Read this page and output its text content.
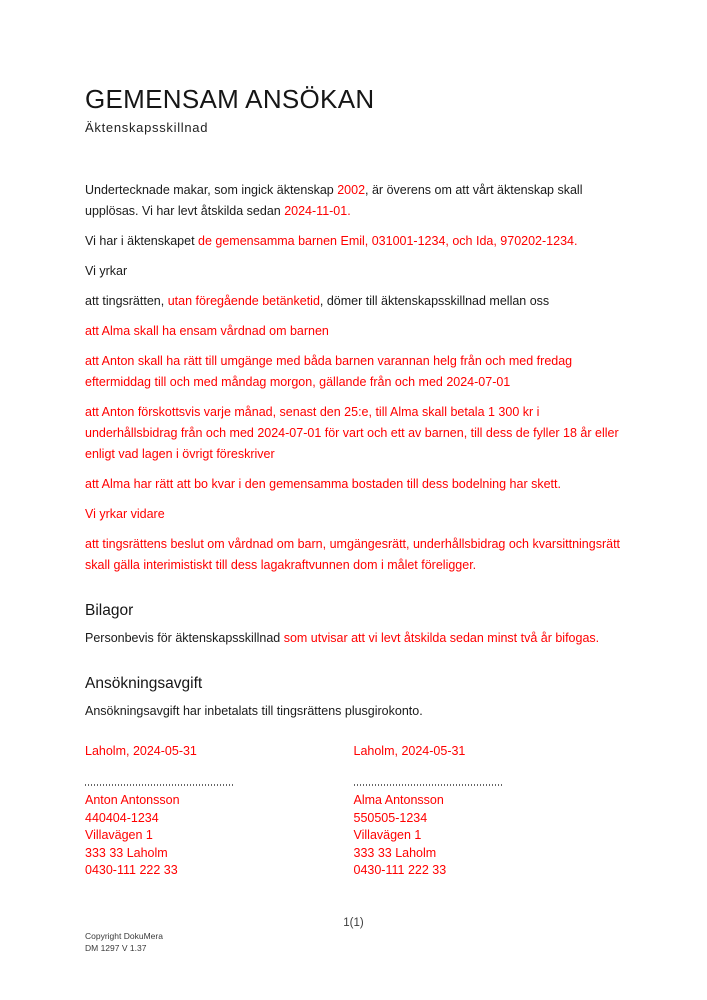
GEMENSAM ANSÖKAN
Äktenskapsskillnad

Undertecknade makar, som ingick äktenskap 2002, är överens om att vårt äktenskap skall upplösas. Vi har levt åtskilda sedan 2024-11-01.

Vi har i äktenskapet de gemensamma barnen Emil, 031001-1234, och Ida, 970202-1234.

Vi yrkar

att tingsrätten, utan föregående betänketid, dömer till äktenskapsskillnad mellan oss

att Alma skall ha ensam vårdnad om barnen

att Anton skall ha rätt till umgänge med båda barnen varannan helg från och med fredag eftermiddag till och med måndag morgon, gällande från och med 2024-07-01

att Anton förskottsvis varje månad, senast den 25:e, till Alma skall betala 1 300 kr i underhållsbidrag från och med 2024-07-01 för vart och ett av barnen, till dess de fyller 18 år eller enligt vad lagen i övrigt föreskriver

att Alma har rätt att bo kvar i den gemensamma bostaden till dess bodelning har skett.

Vi yrkar vidare

att tingsrättens beslut om vårdnad om barn, umgängesrätt, underhållsbidrag och kvarsittningsrätt skall gälla interimistiskt till dess lagakraftvunnen dom i målet föreligger.

Bilagor

Personbevis för äktenskapsskillnad som utvisar att vi levt åtskilda sedan minst två år bifogas.

Ansökningsavgift

Ansökningsavgift har inbetalats till tingsrättens plusgirokonto.

Laholm, 2024-05-31

Anton Antonsson
440404-1234
Villavägen 1
333 33 Laholm
0430-111 222 33

Laholm, 2024-05-31

Alma Antonsson
550505-1234
Villavägen 1
333 33 Laholm
0430-111 222 33
1(1)
Copyright DokuMera
DM 1297 V 1.37
